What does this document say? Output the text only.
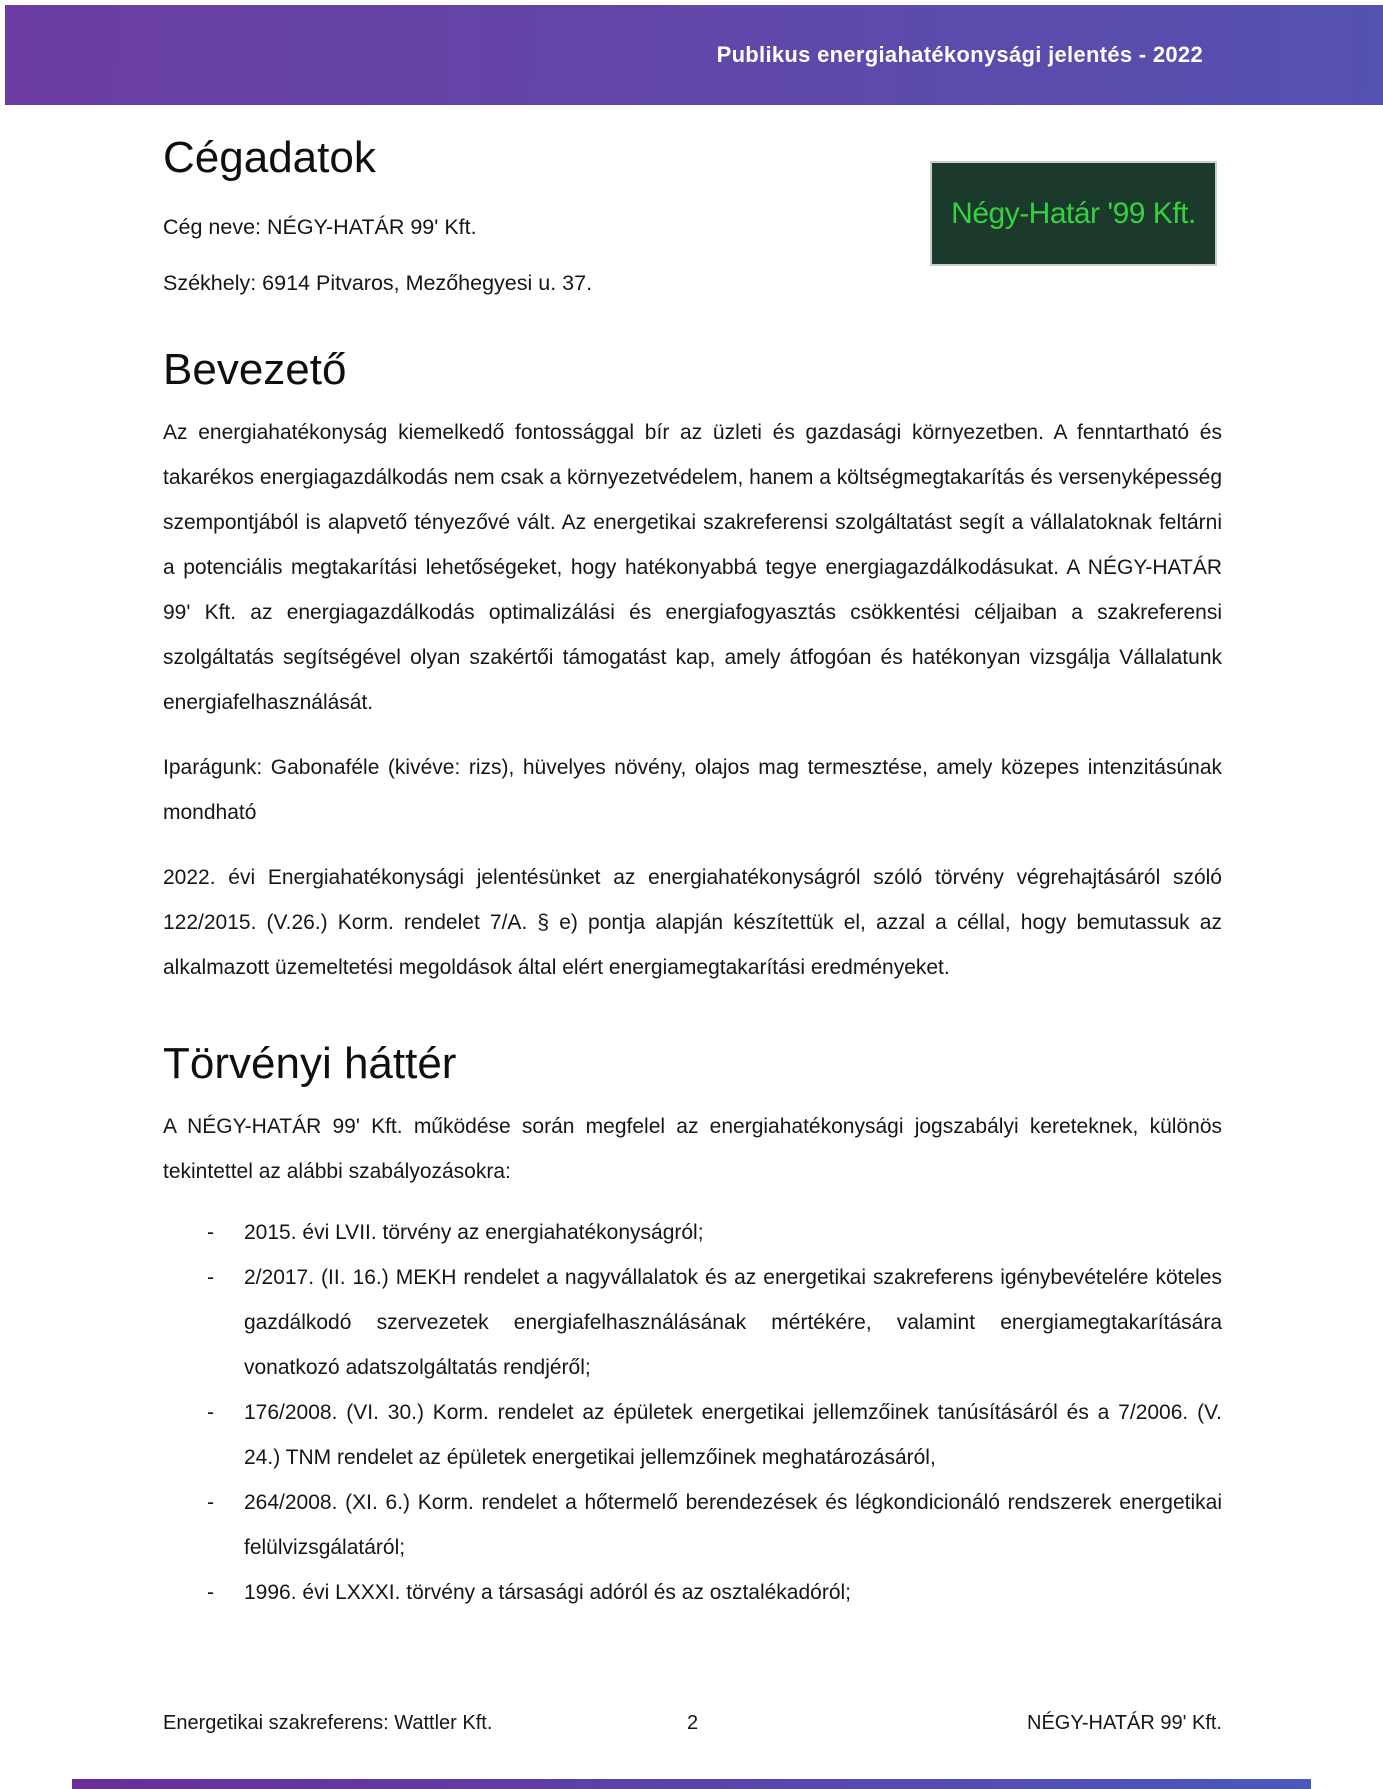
Publikus energiahatékonysági jelentés - 2022
Négy-Határ '99 Kft.
Cégadatok

Cég neve: NÉGY-HATÁR 99' Kft.

Székhely: 6914 Pitvaros, Mezőhegyesi u. 37.

Bevezető

Az energiahatékonyság kiemelkedő fontossággal bír az üzleti és gazdasági környezetben. A fenntartható és takarékos energiagazdálkodás nem csak a környezetvédelem, hanem a költségmegtakarítás és versenyképesség szempontjából is alapvető tényezővé vált. Az energetikai szakreferensi szolgáltatást segít a vállalatoknak feltárni a potenciális megtakarítási lehetőségeket, hogy hatékonyabbá tegye energiagazdálkodásukat. A NÉGY-HATÁR 99' Kft. az energiagazdálkodás optimalizálási és energiafogyasztás csökkentési céljaiban a szakreferensi szolgáltatás segítségével olyan szakértői támogatást kap, amely átfogóan és hatékonyan vizsgálja Vállalatunk energiafelhasználását.

Iparágunk: Gabonaféle (kivéve: rizs), hüvelyes növény, olajos mag termesztése, amely közepes intenzitásúnak mondható

2022. évi Energiahatékonysági jelentésünket az energiahatékonyságról szóló törvény végrehajtásáról szóló 122/2015. (V.26.) Korm. rendelet 7/A. § e) pontja alapján készítettük el, azzal a céllal, hogy bemutassuk az alkalmazott üzemeltetési megoldások által elért energiamegtakarítási eredményeket.

Törvényi háttér

A NÉGY-HATÁR 99' Kft. működése során megfelel az energiahatékonysági jogszabályi kereteknek, különös tekintettel az alábbi szabályozásokra:

-	2015. évi LVII. törvény az energiahatékonyságról;
-	2/2017. (II. 16.) MEKH rendelet a nagyvállalatok és az energetikai szakreferens igénybevételére köteles gazdálkodó szervezetek energiafelhasználásának mértékére, valamint energiamegtakarítására vonatkozó adatszolgáltatás rendjéről;
-	176/2008. (VI. 30.) Korm. rendelet az épületek energetikai jellemzőinek tanúsításáról és a 7/2006. (V. 24.) TNM rendelet az épületek energetikai jellemzőinek meghatározásáról,
-	264/2008. (XI. 6.) Korm. rendelet a hőtermelő berendezések és légkondicionáló rendszerek energetikai felülvizsgálatáról;
-	1996. évi LXXXI. törvény a társasági adóról és az osztalékadóról;
Energetikai szakreferens: Wattler Kft.	2	NÉGY-HATÁR 99' Kft.
